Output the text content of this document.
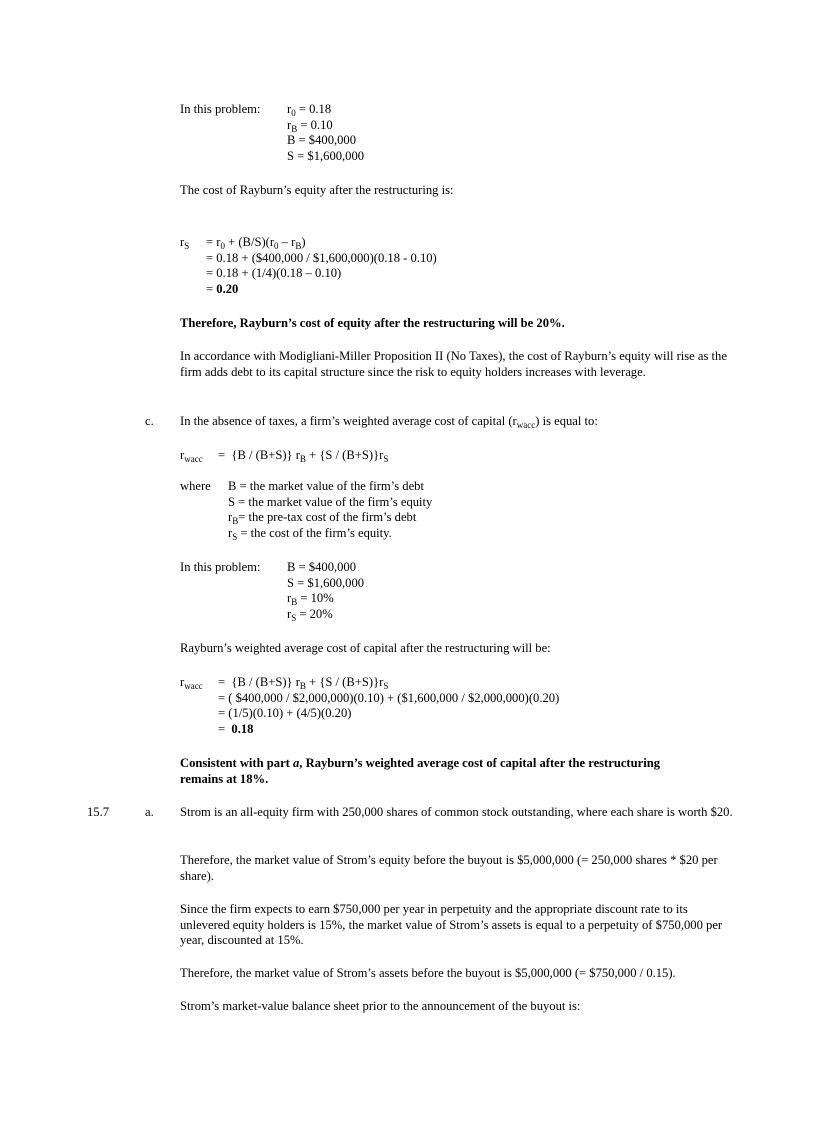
In this problem: $r_0 = 0.18$
$r_B = 0.10$
B = $400,000
S = $1,600,000
The cost of Rayburn’s equity after the restructuring is:
$r_S = r_0 + (B/S)(r_0 - r_B)$
= 0.18 + ($400,000 / $1,600,000)(0.18 - 0.10)
= 0.18 + (1/4)(0.18 – 0.10)
= 0.20
Therefore, Rayburn’s cost of equity after the restructuring will be 20%.
In accordance with Modigliani-Miller Proposition II (No Taxes), the cost of Rayburn’s equity will rise as the firm adds debt to its capital structure since the risk to equity holders increases with leverage.
c. In the absence of taxes, a firm’s weighted average cost of capital $(r_{wacc})$ is equal to:
$r_{wacc} = \{B / (B+S)\} r_B + \{S / (B+S)\}r_S$
where B = the market value of the firm’s debt
S = the market value of the firm’s equity
$r_B=$ the pre-tax cost of the firm’s debt
$r_S$ = the cost of the firm’s equity.
In this problem: B = $400,000
S = $1,600,000
$r_B = 10\%$
$r_S = 20\%$
Rayburn’s weighted average cost of capital after the restructuring will be:
$r_{wacc} = \{B / (B+S)\} r_B + \{S / (B+S)\}r_S$
= ( $400,000 / $2,000,000)(0.10) + ($1,600,000 / $2,000,000)(0.20)
= (1/5)(0.10) + (4/5)(0.20)
=  0.18
Consistent with part a, Rayburn’s weighted average cost of capital after the restructuring
remains at 18%.
15.7	a. Strom is an all-equity firm with 250,000 shares of common stock outstanding, where each share is worth $20.
Therefore, the market value of Strom’s equity before the buyout is $5,000,000 (= 250,000 shares * $20 per share).
Since the firm expects to earn $750,000 per year in perpetuity and the appropriate discount rate to its unlevered equity holders is 15%, the market value of Strom’s assets is equal to a perpetuity of $750,000 per year, discounted at 15%.
Therefore, the market value of Strom’s assets before the buyout is $5,000,000 (= $750,000 / 0.15).
Strom’s market-value balance sheet prior to the announcement of the buyout is:
